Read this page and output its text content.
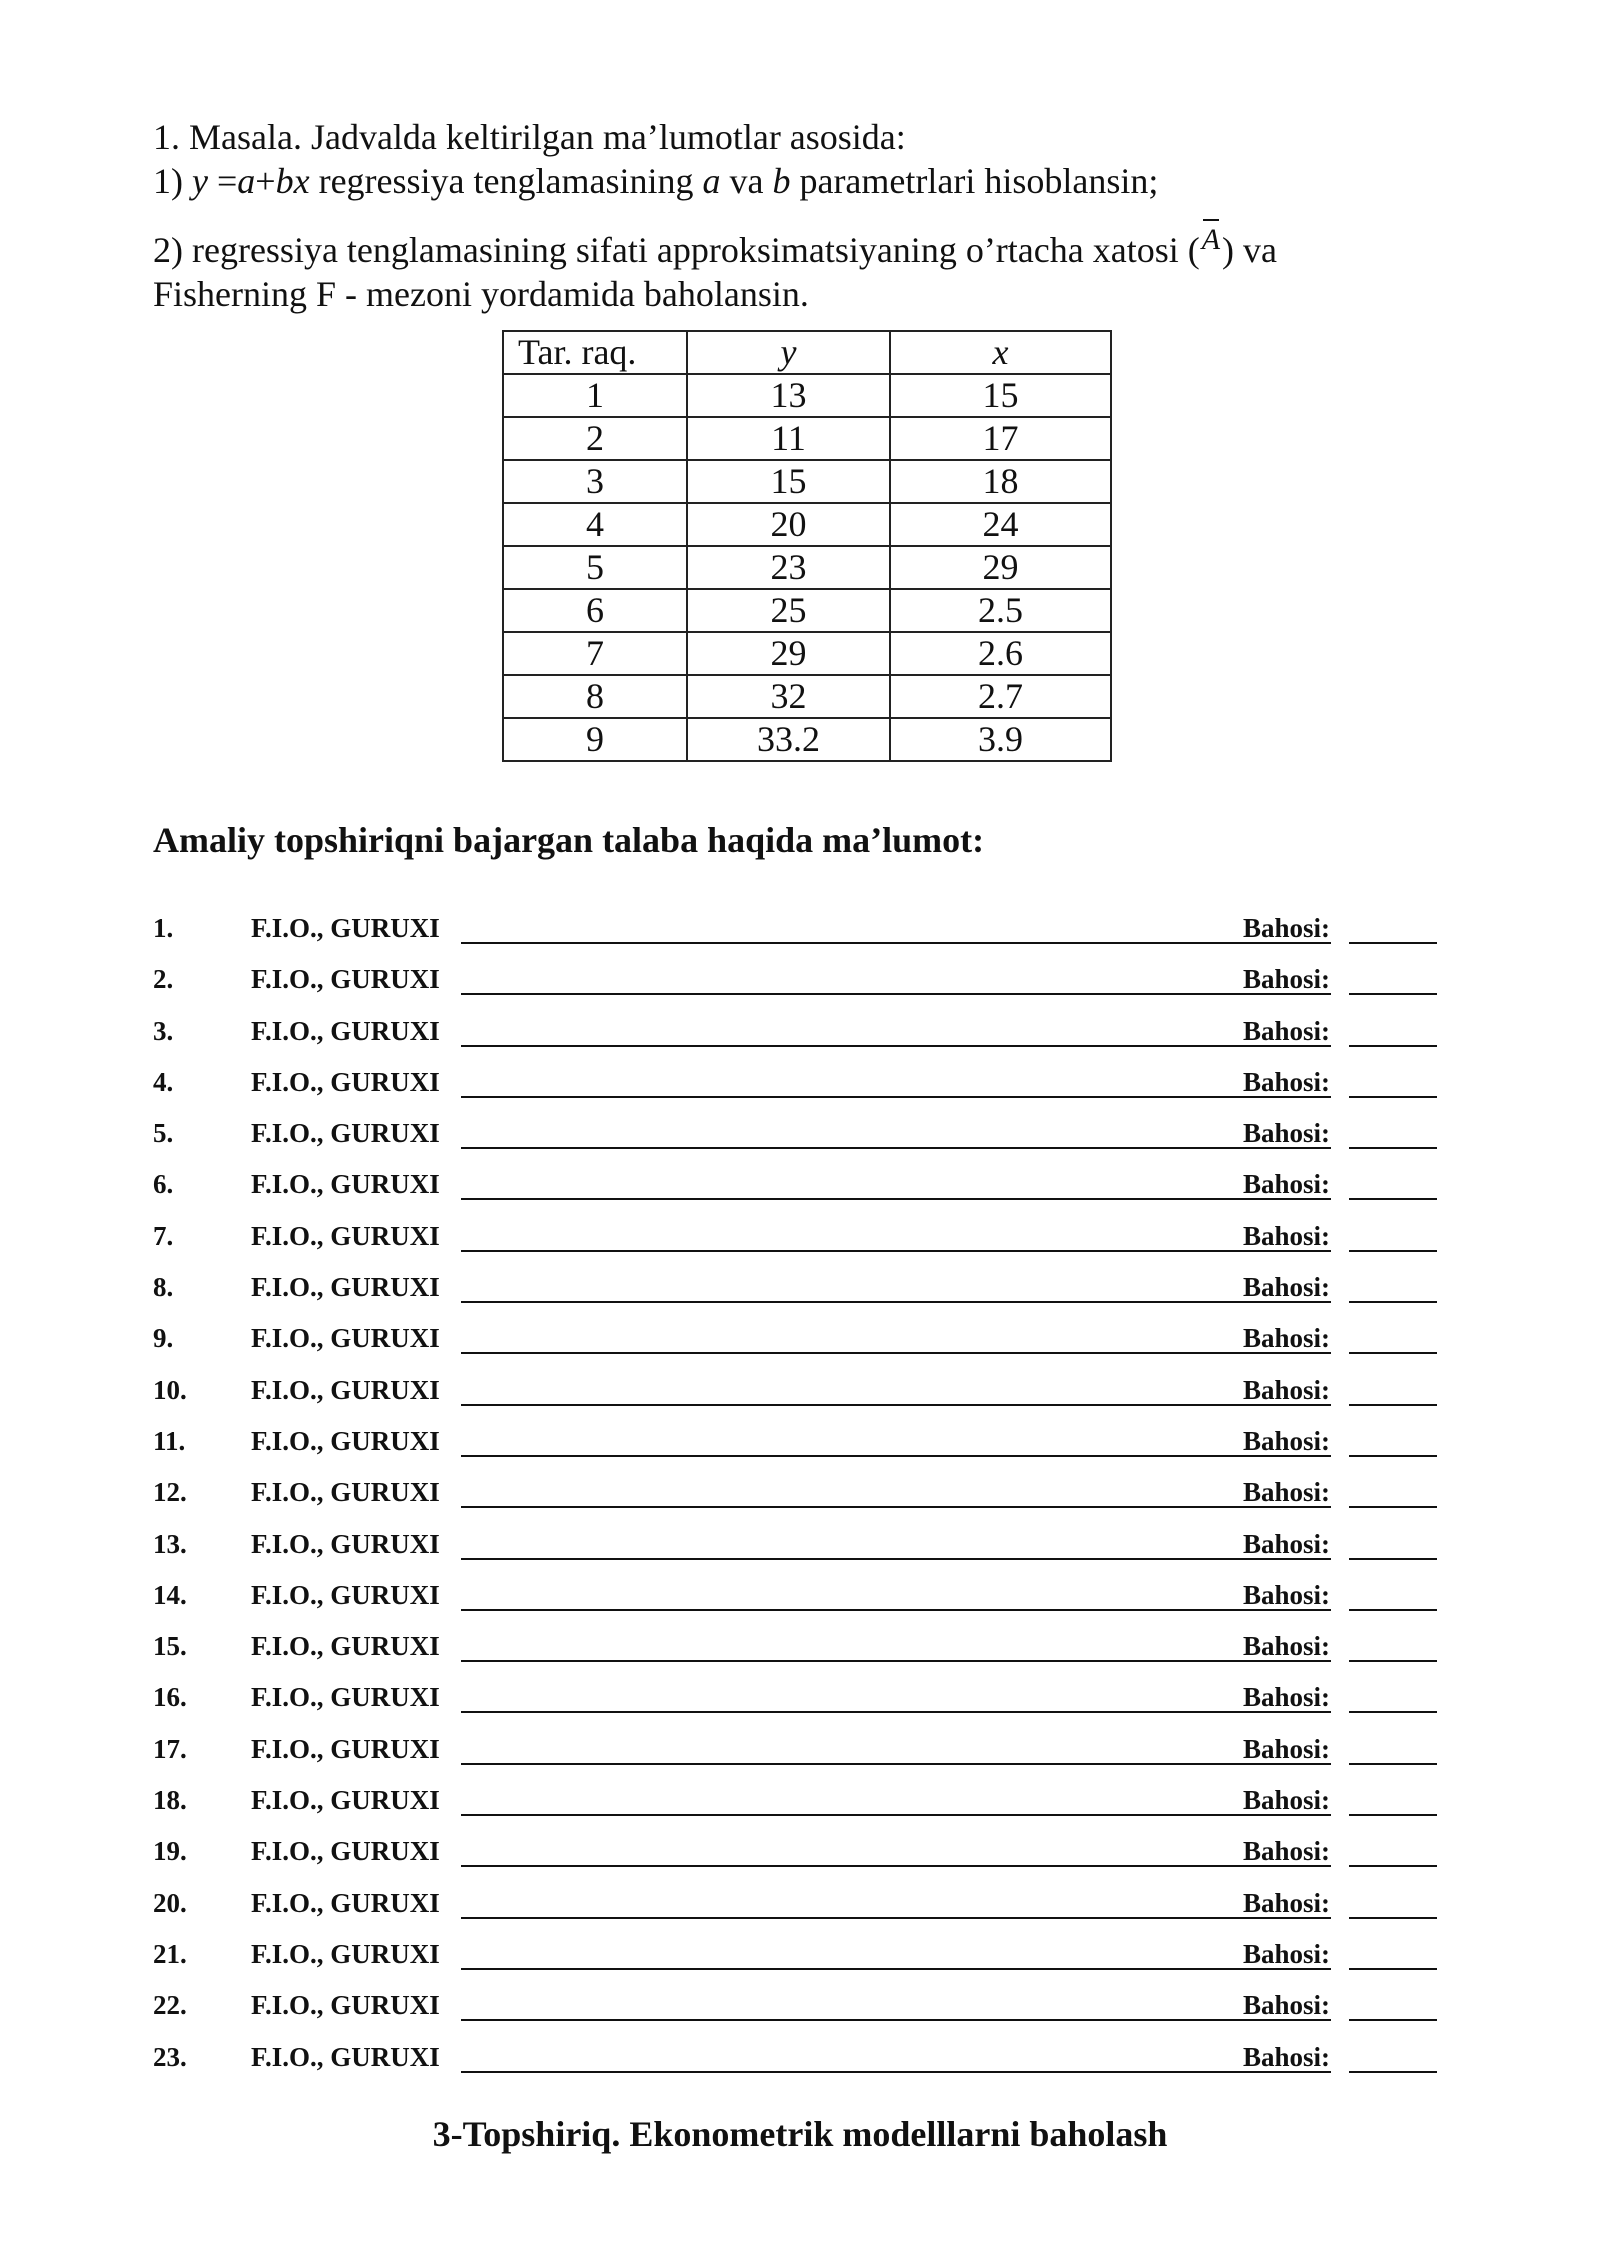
1. Masala. Jadvalda keltirilgan ma’lumotlar asosida:

1) y =a+bx regressiya tenglamasining a va b parametrlari hisoblansin;

2) regressiya tenglamasining sifati approksimatsiyaning o’rtacha xatosi (A) va

Fisherning F - mezoni yordamida baholansin.

Tar. raq.	y	x
1	13	15
2	11	17
3	15	18
4	20	24
5	23	29
6	25	2.5
7	29	2.6
8	32	2.7
9	33.2	3.9
Amaliy topshiriqni bajargan talaba haqida ma’lumot:
1.	F.I.O., GURUXI	Bahosi:
2.	F.I.O., GURUXI	Bahosi:
3.	F.I.O., GURUXI	Bahosi:
4.	F.I.O., GURUXI	Bahosi:
5.	F.I.O., GURUXI	Bahosi:
6.	F.I.O., GURUXI	Bahosi:
7.	F.I.O., GURUXI	Bahosi:
8.	F.I.O., GURUXI	Bahosi:
9.	F.I.O., GURUXI	Bahosi:
10. F.I.O., GURUXI	Bahosi:
11. F.I.O., GURUXI	Bahosi:
12. F.I.O., GURUXI	Bahosi:
13. F.I.O., GURUXI	Bahosi:
14. F.I.O., GURUXI	Bahosi:
15. F.I.O., GURUXI	Bahosi:
16. F.I.O., GURUXI	Bahosi:
17. F.I.O., GURUXI	Bahosi:
18. F.I.O., GURUXI	Bahosi:
19. F.I.O., GURUXI	Bahosi:
20. F.I.O., GURUXI	Bahosi:
21. F.I.O., GURUXI	Bahosi:
22. F.I.O., GURUXI	Bahosi:
23. F.I.O., GURUXI	Bahosi:
3-Topshiriq. Ekonometrik modelllarni baholash
